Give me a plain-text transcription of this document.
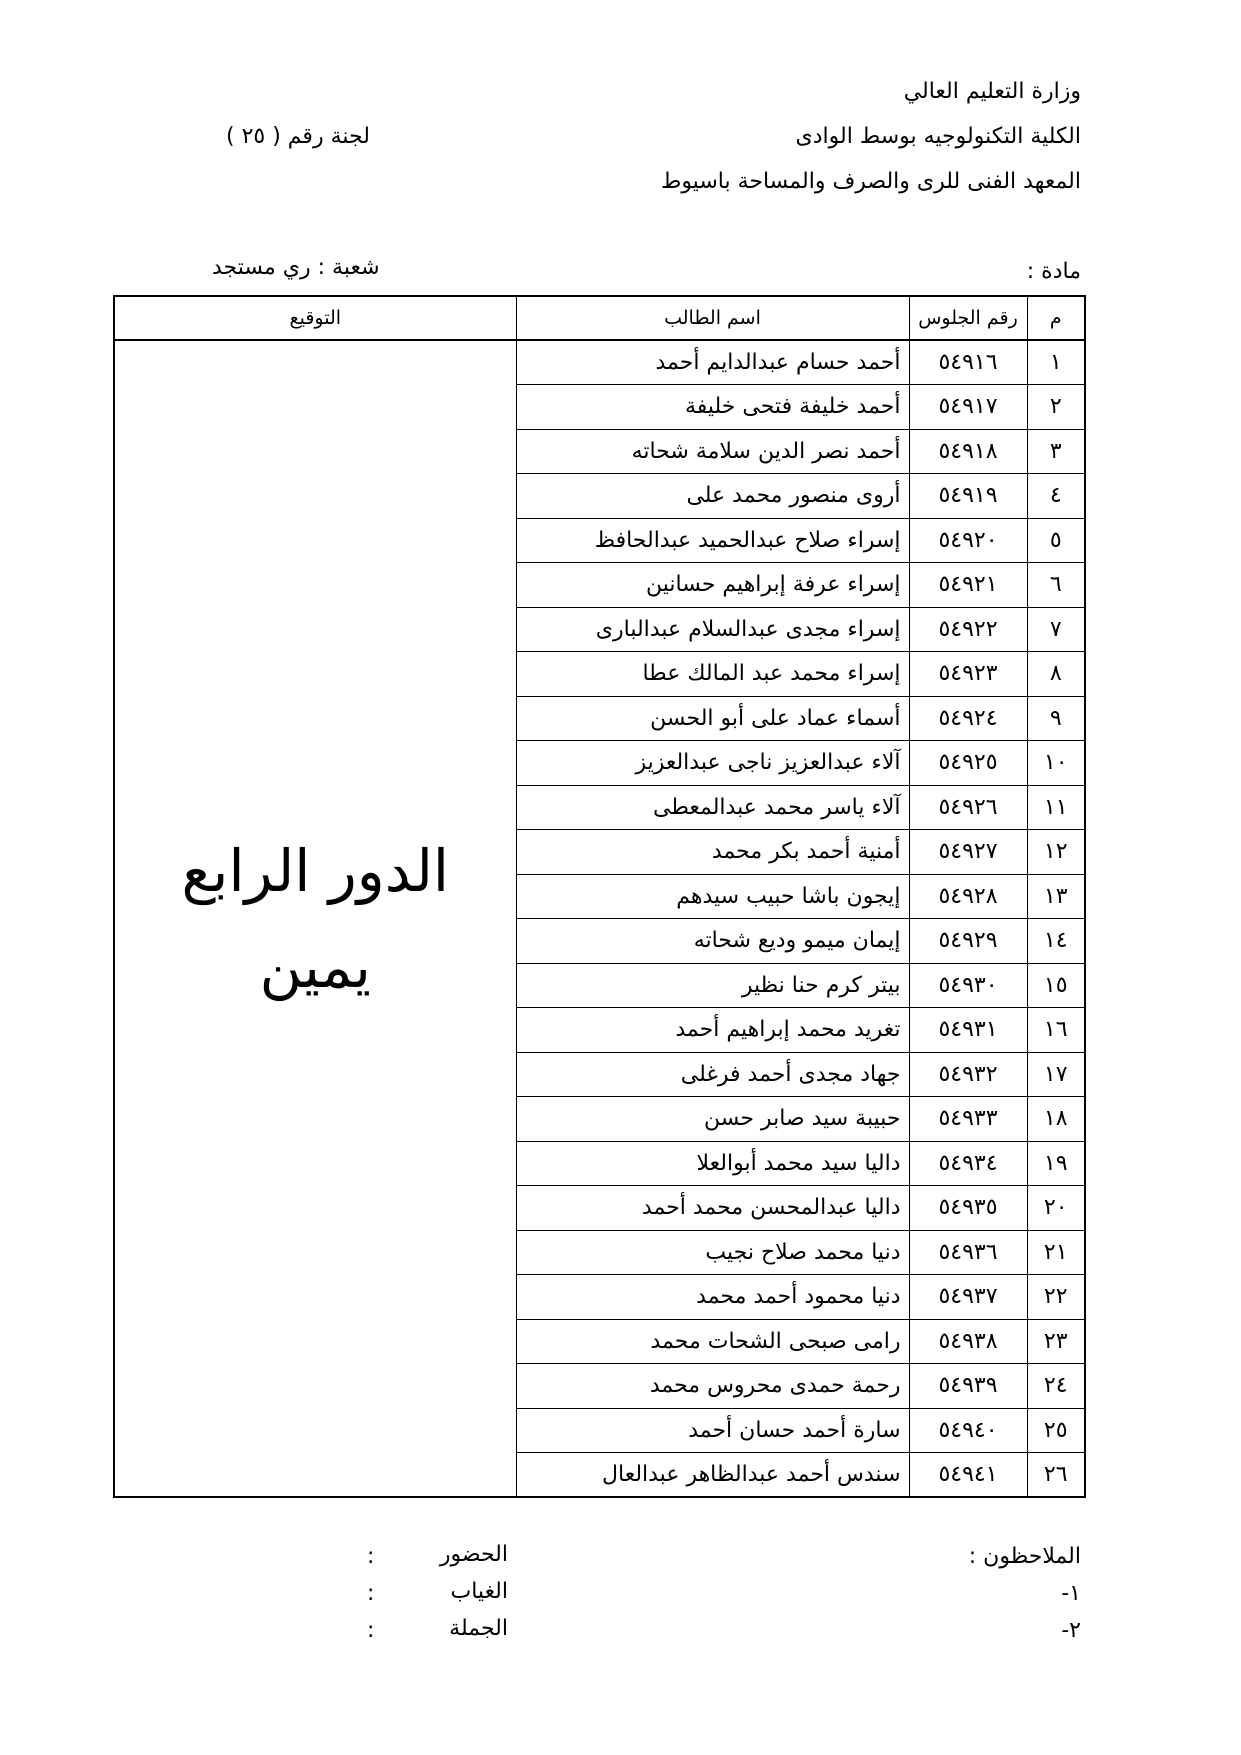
وزارة التعليم العالي
الكلية التكنولوجيه بوسط الوادى
المعهد الفنى للرى والصرف والمساحة باسيوط
لجنة رقم ( ٢٥ )
مادة :
شعبة : ري مستجد
م	رقم الجلوس	اسم الطالب	التوقيع
١	٥٤٩١٦	أحمد حسام عبدالدايم أحمد	الدور الرابع
يمين

٢	٥٤٩١٧	أحمد خليفة فتحى خليفة	
٣	٥٤٩١٨	أحمد نصر الدين سلامة شحاته	
٤	٥٤٩١٩	أروى منصور محمد على	
٥	٥٤٩٢٠	إسراء صلاح عبدالحميد عبدالحافظ	
٦	٥٤٩٢١	إسراء عرفة إبراهيم حسانين	
٧	٥٤٩٢٢	إسراء مجدى عبدالسلام عبدالبارى	
٨	٥٤٩٢٣	إسراء محمد عبد المالك عطا	
٩	٥٤٩٢٤	أسماء عماد على أبو الحسن	
١٠	٥٤٩٢٥	آلاء عبدالعزيز ناجى عبدالعزيز	
١١	٥٤٩٢٦	آلاء ياسر محمد عبدالمعطى	
١٢	٥٤٩٢٧	أمنية أحمد بكر محمد	
١٣	٥٤٩٢٨	إيجون باشا حبيب سيدهم	
١٤	٥٤٩٢٩	إيمان ميمو وديع شحاته	
١٥	٥٤٩٣٠	بيتر كرم حنا نظير	
١٦	٥٤٩٣١	تغريد محمد إبراهيم أحمد	
١٧	٥٤٩٣٢	جهاد مجدى أحمد فرغلى	
١٨	٥٤٩٣٣	حبيبة سيد صابر حسن	
١٩	٥٤٩٣٤	داليا سيد محمد أبوالعلا	
٢٠	٥٤٩٣٥	داليا عبدالمحسن محمد أحمد	
٢١	٥٤٩٣٦	دنيا محمد صلاح نجيب	
٢٢	٥٤٩٣٧	دنيا محمود أحمد محمد	
٢٣	٥٤٩٣٨	رامى صبحى الشحات محمد	
٢٤	٥٤٩٣٩	رحمة حمدى محروس محمد	
٢٥	٥٤٩٤٠	سارة أحمد حسان أحمد	
٢٦	٥٤٩٤١	سندس أحمد عبدالظاهر عبدالعال	
الملاحظون :
١-
٢-
الحضور
الغياب
الجملة
:
:
:
